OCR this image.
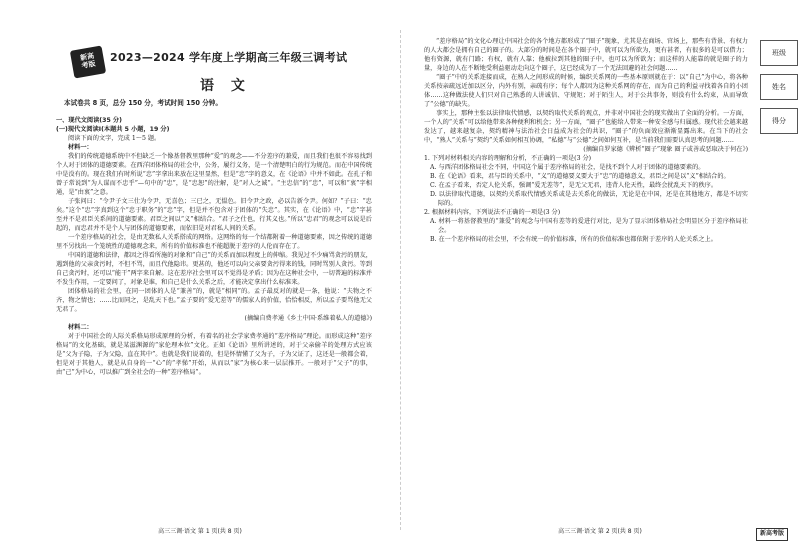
新高
考版
2023—2024 学年度上学期高三年级三调考试
语 文
本试卷共 8 页，总分 150 分，考试时间 150 分钟。
一、现代文阅读(35 分)
(一)现代文阅读Ⅰ(本题共 5 小题，19 分)
阅读下面的文字，完成 1～5 题。
材料一：
我们的传统道德系统中不但缺乏一个像基督教里那种“爱”的观念——不分差序的兼爱，而且我们也很不容易找到个人对于团体的道德要素。在西洋团体格局的社会中，公务，履行义务，是一个清楚明白的行为规范。而在中国传统中是没有的。现在我们有时所说“忠”字拿出来放在这里显然，但是“忠”字的意义，在《论语》中并不如此。在孔子和曾子常说到“为人谋而不忠乎”—句中的“忠”，是“忠恕”的注解，是“对人之诚”。“主忠信”的“忠”，可以和“衷”字相通，是“由衷”之意。
子张问曰：“令尹子文三仕为令尹，无喜色；三已之，无愠色。旧令尹之政，必以告新令尹。何如？”子曰：“忠矣。”这个“忠”字真到这个“忠于职务”的“忠”字，但是并不包含对于团体的“失忠”。其实，在《论语》中，“忠”字甚至并不是君臣关系间的道德要素。君臣之间以“义”相结合。“君子之仕也，行其义也。”所以“忠君”的观念可以说是后起的，而忠君并不是个人与团体的道德要素，而依旧是对君私人间的关系。
一个差序格局的社会，是由无数私人关系搭成的网络。这网络的每一个结都附着一种道德要素，因之传统的道德里不另找出一个笼统性的道德观念来，所有的价值标准也不能超脱于差序的人伦而存在了。
中国的道德和法律，都因之得看所施的对象和“自己”的关系而加以程度上的伸缩。我见过不少痛骂贪污的朋友，遇到他的父亲贪污时，不但不骂，而且代他隐讳。更甚的，他还可以向父亲要贪污得来的钱，同时骂别人贪污。等到自己贪污时，还可以“能干”两字来自解。这在差序社会里可以不觉得是矛盾；因为在这种社会中，一切普遍的标准并不发生作用，一定要问了，对象是谁，和自己是什么关系之后，才能决定拿出什么标准来。
团体格局的社会里，在同一团体的人是“兼善”的，就是“相同”的。孟子最反对的就是一条，他说：“夫物之不齐，物之情也；……比而同之，是乱天下也。”孟子要的“爱无差等”的儒家人的价值，恰恰相反，所以孟子要骂他无父无君了。
(摘编自费孝通《乡土中国·系维着私人的道德》)
材料二：
对于中国社会的人际关系格局形成原理的分析，有着名的社会学家费孝通的“差序格局”理论。而形成这种“差序格局”的文化基础，就是某滋渊源的“家伦理本位”文化。正如《论语》里所讲述的，对于父亲偷羊的处理方式应该是“父为子隐，子为父隐，直在其中”。也就是我们说着的，但是怀情懂了父为子，子为父证了，这还是一般都会着，但是对于其他人，就是从自身的一“心”的“孝悌”开始，从而以“家”为核心来一层层推开。一般对于“父子”的事，由“己”为中心，可以推广到全社会的一种“差序格局”。
高三三调·语文 第 1 页(共 8 页)
“差序格局”的文化心理让中国社会的各个地方都形成了“圈子”现象，尤其是在商场、官场上，那些有背景、有权力的人大都会是拥有自己的圈子的。大部分的时间是在各个圈子中，就可以为所欲为，更有甚者，有很多的是可以借力；他有资源，就有门路；有权，就有人靠；他被拉到其他的圈子中，也可以为所欲为；而这样的人能靠的就是圈子的力量，身边的人在不断地受利益驱动走向这个圈子，这已经成为了一个无法回避的社会问题……
“圈子”中的关系连接而成，在熟人之间形成的时候，编织关系网的一些基本原则就在于：以“自己”为中心，将各种关系按亲疏远近加以区分，内外有别，亲疏有序；每个人都因为这种关系网的存在，而为自己的利益寻找着各自的小团体……这种做法使人们只对自己熟悉的人讲诚信、守规矩；对于陌生人，对于公共事务，则没有什么约束，从而导致了“公德”的缺失。
事实上，那种主张以法律取代情感，以契约取代关系的观点，并非对中国社会的现实做出了全面的分析。一方面，一个人的“关系”可以给他带来各种便利和机会；另一方面，“圈子”也能给人带来一种安全感与归属感。现代社会越来越发达了，越来越复杂，契约精神与法治社会日益成为社会的共识，“圈子”的负面效应渐渐显露出来。在当下的社会中，“熟人”关系与“契约”关系如何相互协调，“私德”与“公德”之间如何互补，是当前我们需要认真思考的问题……
(摘编自罗家德《辨析“圈子”现象 圈子或善或恶取决于何在》)
1. 下列对材料相关内容的理解和分析，不正确的一项是(3 分)
A. 与西洋团体格局社会不同，中国这个属于差序格局的社会，是找不到个人对于团体的道德要素的。
B. 在《论语》看来，君与臣的关系中，“义”的道德要义要大于“忠”的道德意义，君臣之间是以“义”相结合的。
C. 在孟子看来，否定人伦关系，强调“爱无差等”，是无父无君，违背人伦天性，最终会扰乱天下的秩序。
D. 以法律取代道德，以契约关系取代情感关系或是去关系化的做法，无论是在中国，还是在其他地方，都是不切实际的。
2. 根据材料内容，下列说法不正确的一项是(3 分)
A. 材料一将基督教里的“兼爱”的观念与中国有差等的爱进行对比，是为了显示团体格局社会明显区分于差序格局社会。
B. 在一个差序格局的社会里，不会有统一的价值标准，所有的价值标准也都依附于差序的人伦关系之上。
高三三调·语文 第 2 页(共 8 页)
班级
姓名
得分
新高考版
